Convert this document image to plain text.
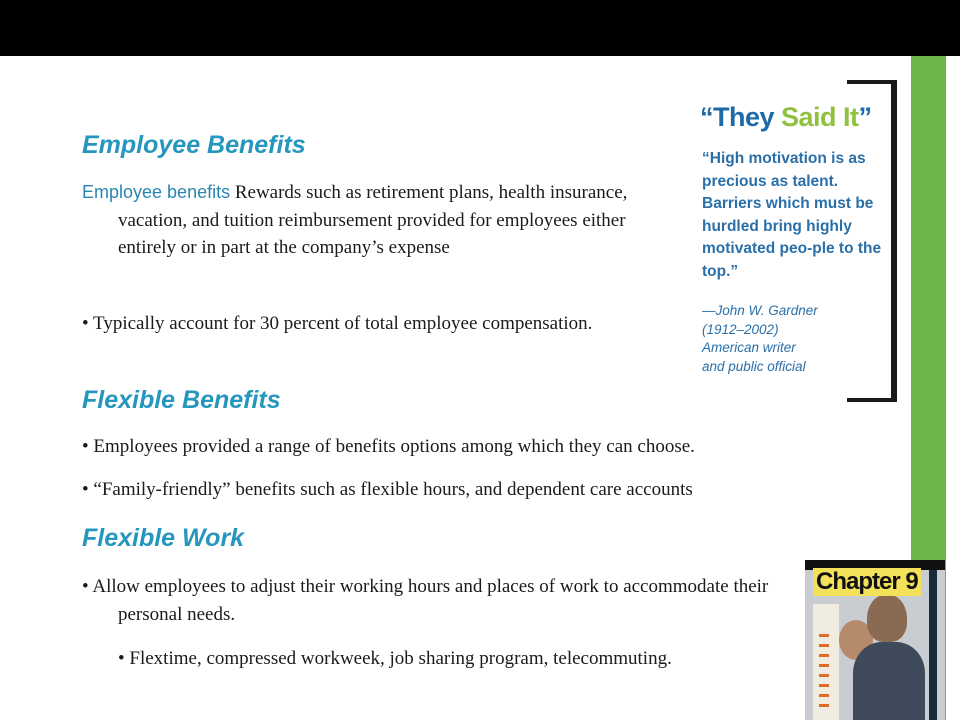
Employee Benefits

Employee benefits Rewards such as retirement plans, health insurance, vacation, and tuition reimbursement provided for employees either entirely or in part at the company’s expense

• Typically account for 30 percent of total employee compensation.

Flexible Benefits

• Employees provided a range of benefits options among which they can choose.

• “Family-friendly” benefits such as flexible hours, and dependent care accounts

Flexible Work

• Allow employees to adjust their working hours and places of work to accommodate their personal needs.

• Flextime, compressed workweek, job sharing program, telecommuting.

“They Said It”

“High motivation is as precious as talent. Barriers which must be hurdled bring highly motivated peo-ple to the top.”

—John W. Gardner
(1912–2002)
American writer
and public official
Chapter 9
